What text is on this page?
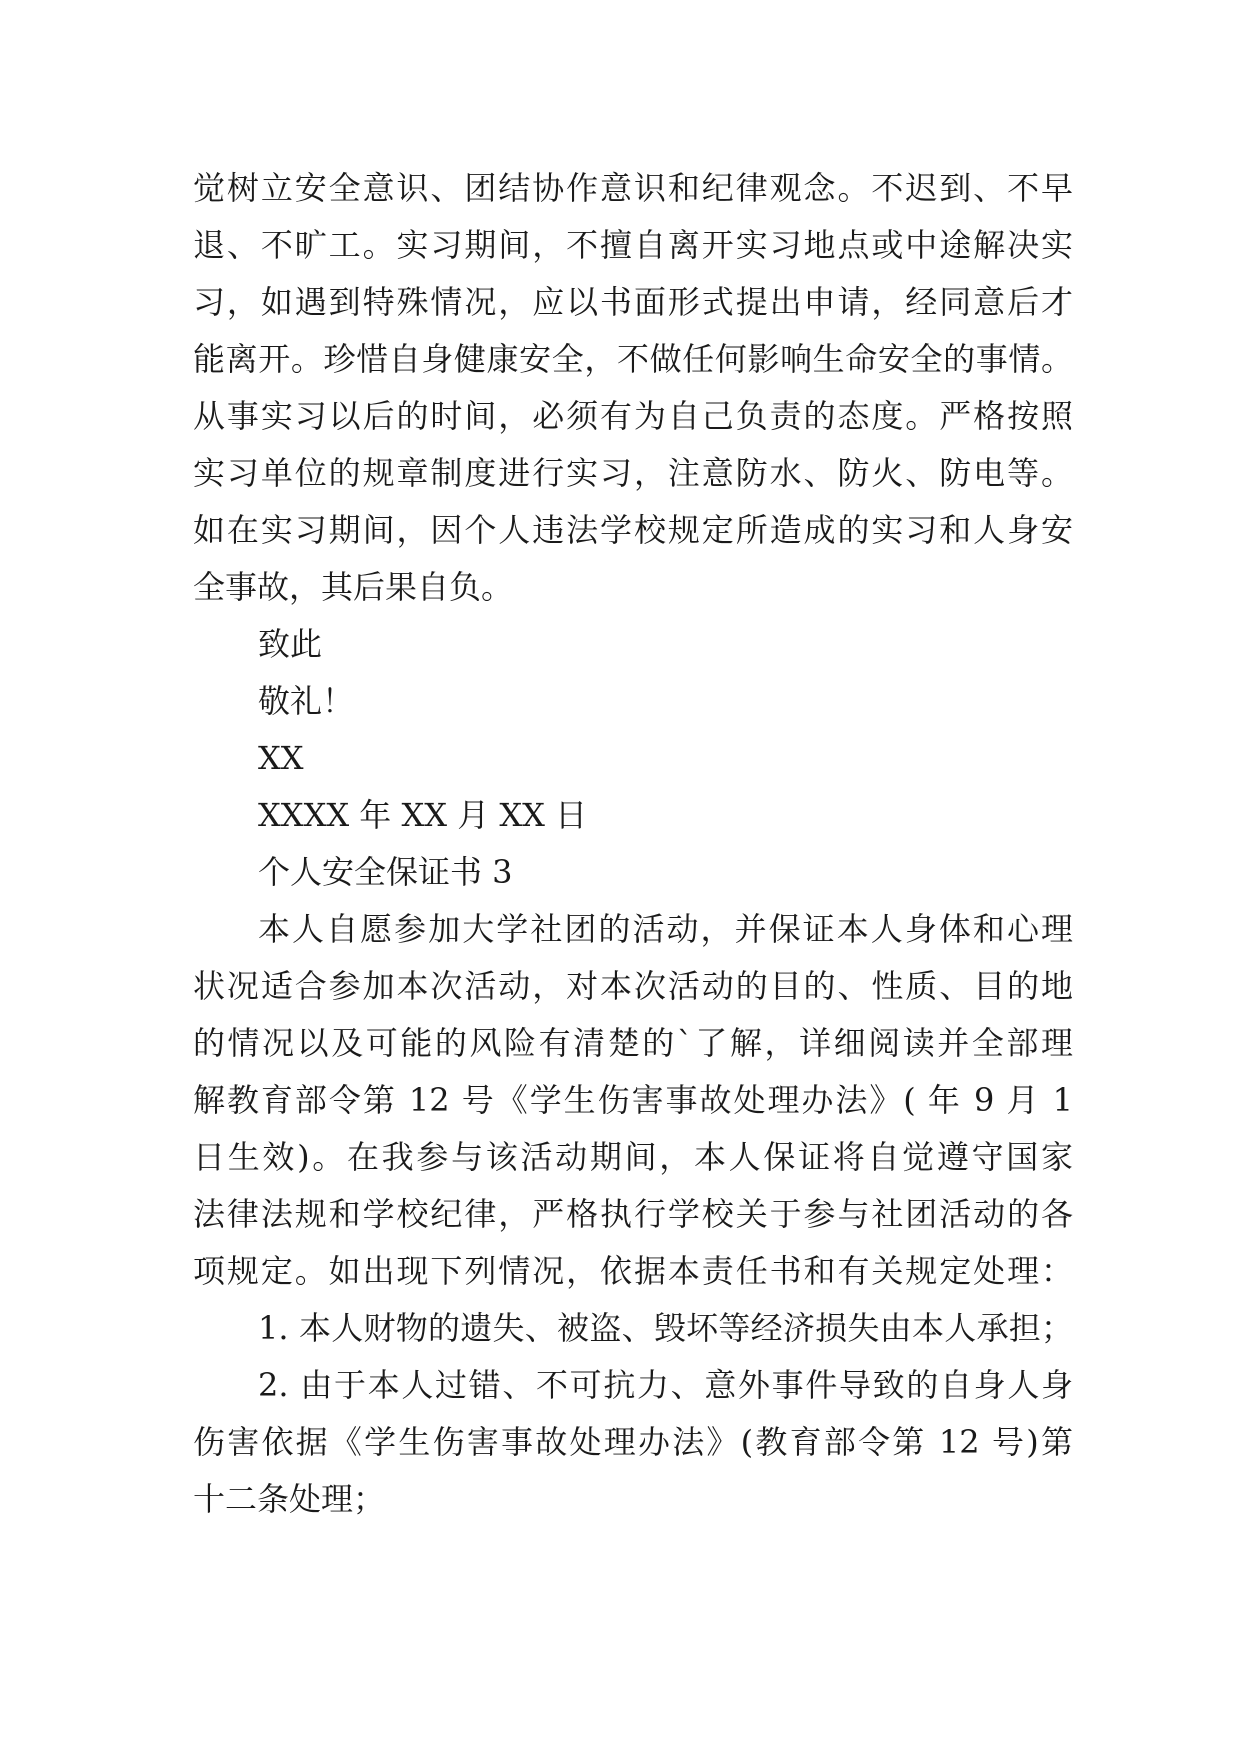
觉树立安全意识、团结协作意识和纪律观念。不迟到、不早
退、不旷工。实习期间，不擅自离开实习地点或中途解决实
习，如遇到特殊情况，应以书面形式提出申请，经同意后才
能离开。珍惜自身健康安全，不做任何影响生命安全的事情。
从事实习以后的时间，必须有为自己负责的态度。严格按照
实习单位的规章制度进行实习，注意防水、防火、防电等。
如在实习期间，因个人违法学校规定所造成的实习和人身安
全事故，其后果自负。
致此
敬礼！
XX
XXXX 年 XX 月 XX 日
个人安全保证书 3
本人自愿参加大学社团的活动，并保证本人身体和心理
状况适合参加本次活动，对本次活动的目的、性质、目的地
的情况以及可能的风险有清楚的`了解，详细阅读并全部理
解教育部令第 12 号《学生伤害事故处理办法》( 年 9 月 1
日生效)。在我参与该活动期间，本人保证将自觉遵守国家
法律法规和学校纪律，严格执行学校关于参与社团活动的各
项规定。如出现下列情况，依据本责任书和有关规定处理：
1. 本人财物的遗失、被盗、毁坏等经济损失由本人承担；
2. 由于本人过错、不可抗力、意外事件导致的自身人身
伤害依据《学生伤害事故处理办法》(教育部令第 12 号)第
十二条处理；
